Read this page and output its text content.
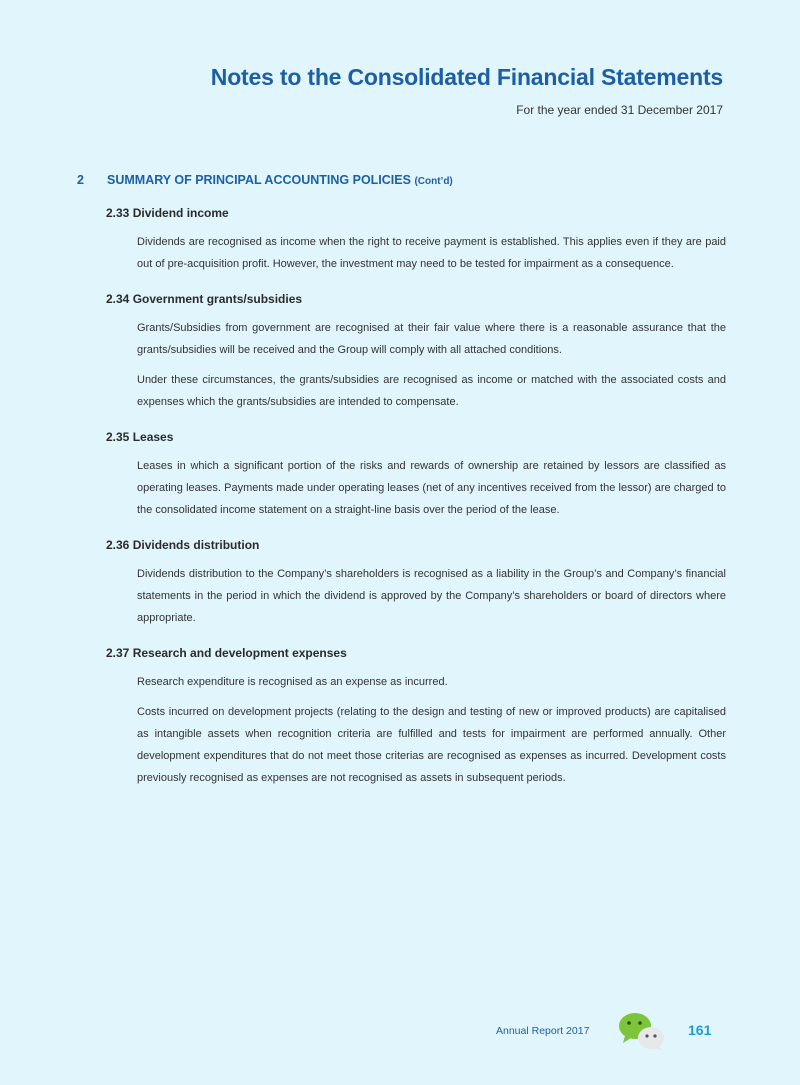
Notes to the Consolidated Financial Statements
For the year ended 31 December 2017
2 SUMMARY OF PRINCIPAL ACCOUNTING POLICIES (Cont’d)
2.33 Dividend income

Dividends are recognised as income when the right to receive payment is established. This applies even if they are paid out of pre-acquisition profit. However, the investment may need to be tested for impairment as a consequence.

2.34 Government grants/subsidies

Grants/Subsidies from government are recognised at their fair value where there is a reasonable assurance that the grants/subsidies will be received and the Group will comply with all attached conditions.

Under these circumstances, the grants/subsidies are recognised as income or matched with the associated costs and expenses which the grants/subsidies are intended to compensate.

2.35 Leases

Leases in which a significant portion of the risks and rewards of ownership are retained by lessors are classified as operating leases. Payments made under operating leases (net of any incentives received from the lessor) are charged to the consolidated income statement on a straight-line basis over the period of the lease.

2.36 Dividends distribution

Dividends distribution to the Company’s shareholders is recognised as a liability in the Group’s and Company’s financial statements in the period in which the dividend is approved by the Company’s shareholders or board of directors where appropriate.

2.37 Research and development expenses

Research expenditure is recognised as an expense as incurred.

Costs incurred on development projects (relating to the design and testing of new or improved products) are capitalised as intangible assets when recognition criteria are fulfilled and tests for impairment are performed annually. Other development expenditures that do not meet those criterias are recognised as expenses as incurred. Development costs previously recognised as expenses are not recognised as assets in subsequent periods.

Annual Report 2017	161
